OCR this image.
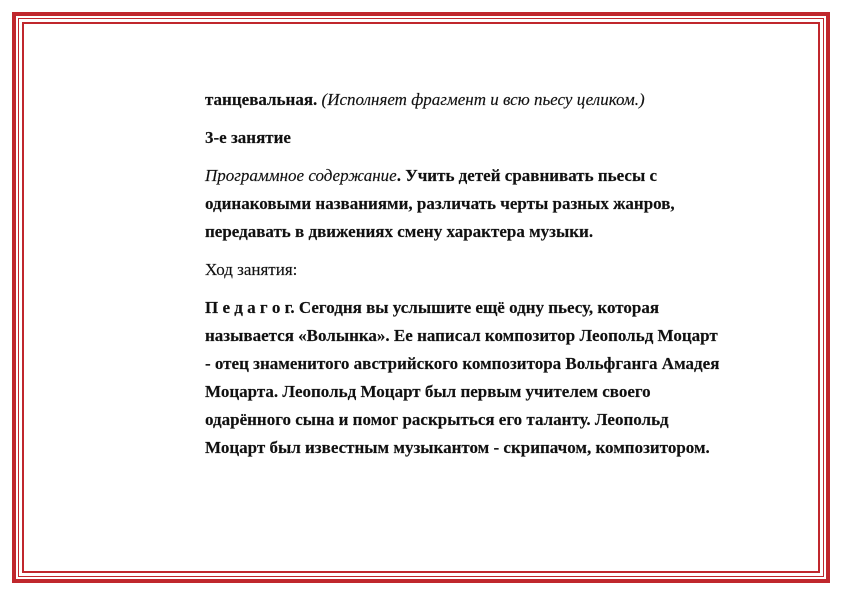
танцевальная. (Исполняет фрагмент и всю пьесу целиком.)

3-е занятие

Программное содержание. Учить детей сравнивать пьесы с одинаковыми названиями, различать черты разных жанров, передавать в движениях смену характера музыки.

Ход занятия:

П е д а г о г. Сегодня вы услышите ещё одну пьесу, которая называется «Волынка». Ее написал композитор Леопольд Моцарт - отец знаменитого австрийского композитора Вольфганга Амадея Моцарта. Леопольд Моцарт был первым учителем своего одарённого сына и помог раскрыться его таланту. Леопольд Моцарт был известным музыкантом - скрипачом, композитором.
